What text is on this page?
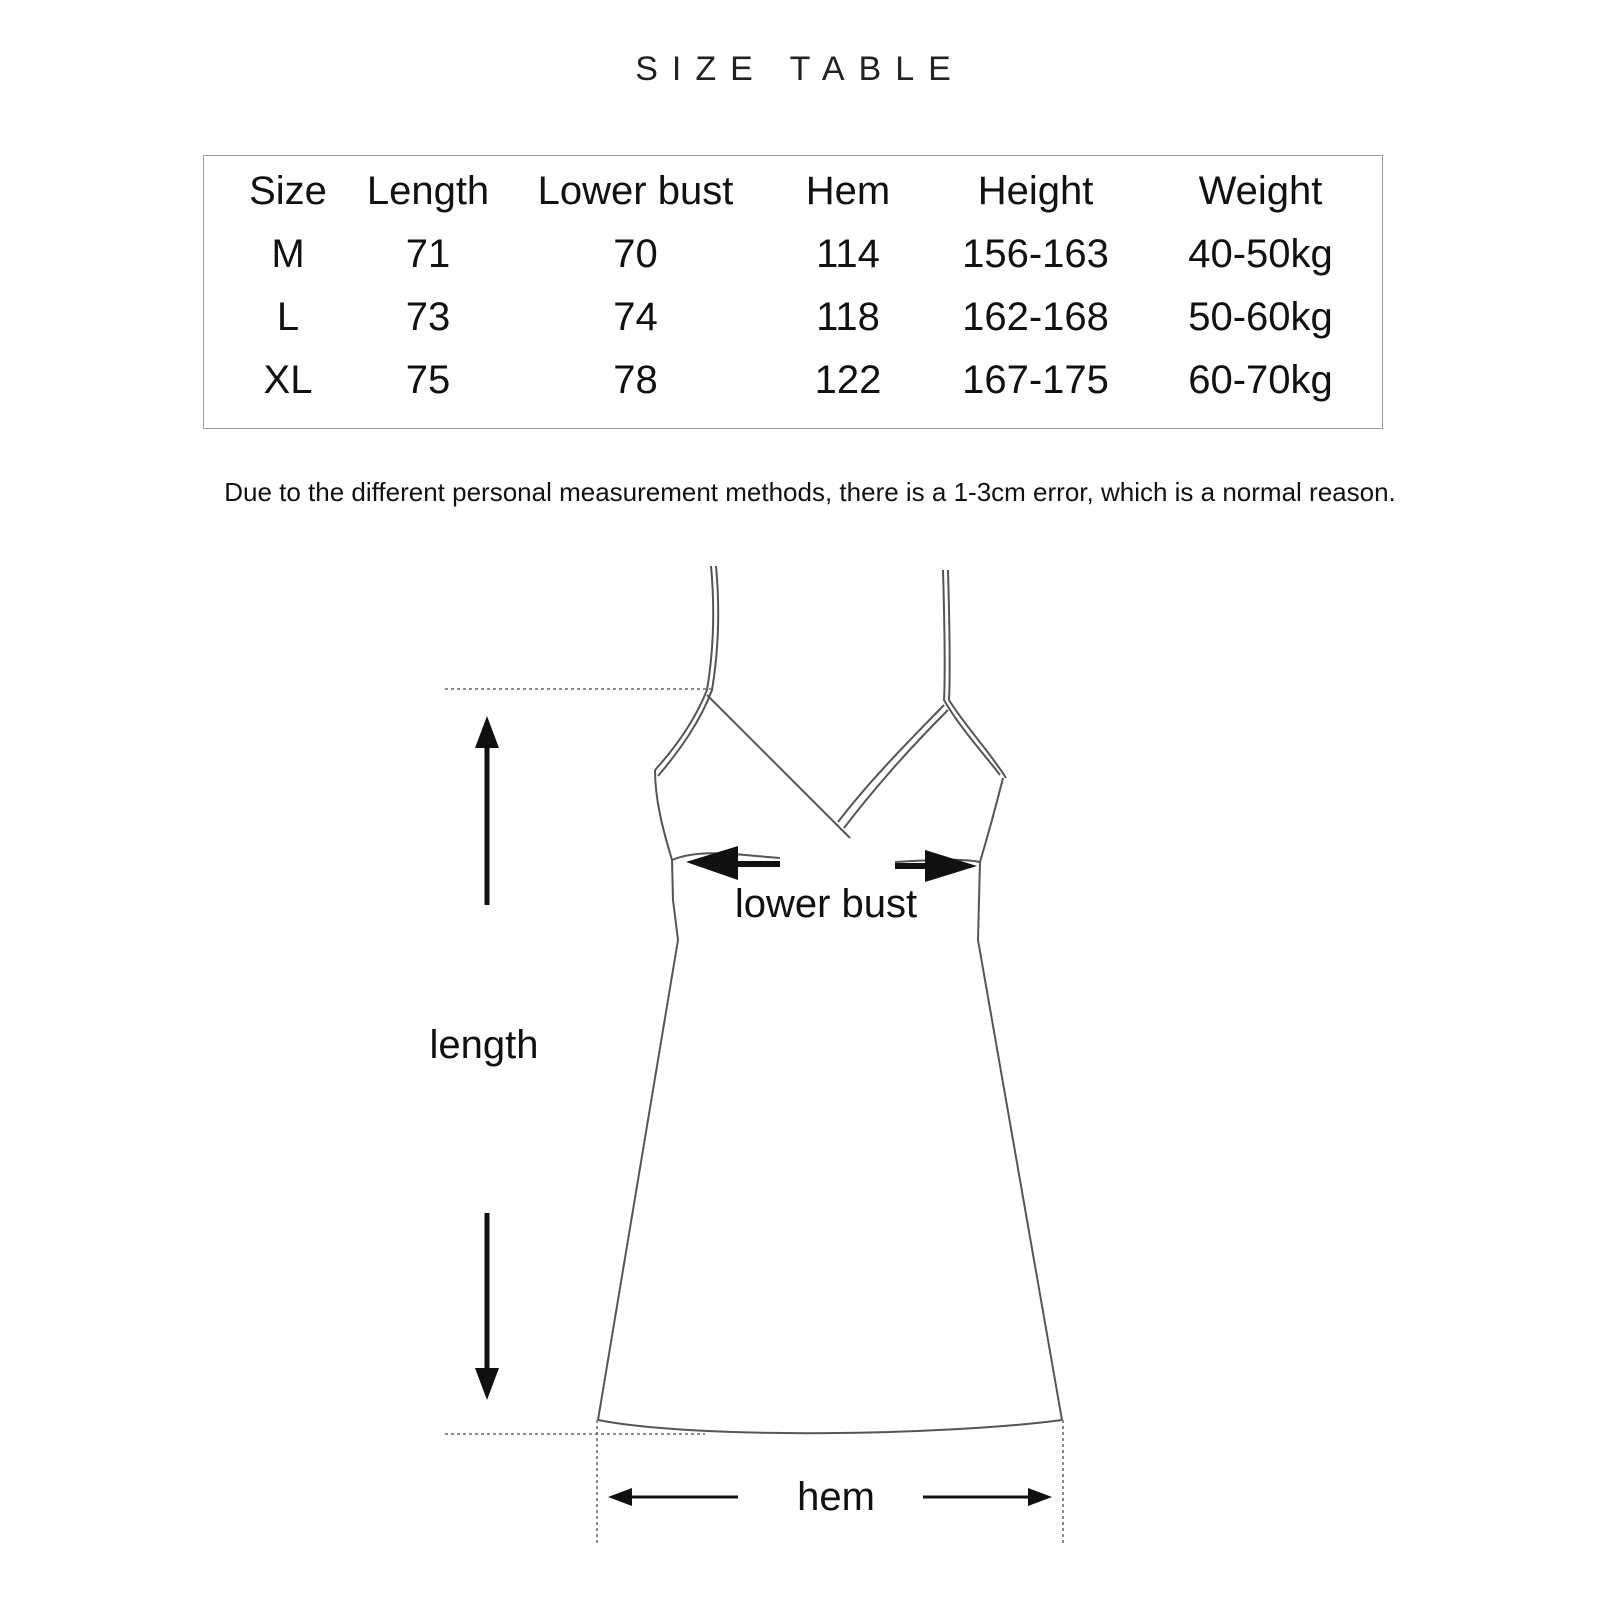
SIZE TABLE
Size	Length	Lower bust	Hem	Height	Weight
M	71	70	114	156-163	40-50kg
L	73	74	118	162-168	50-60kg
XL	75	78	122	167-175	60-70kg
Due to the different personal measurement methods, there is a 1-3cm error, which is a normal reason.
length
lower bust
hem
